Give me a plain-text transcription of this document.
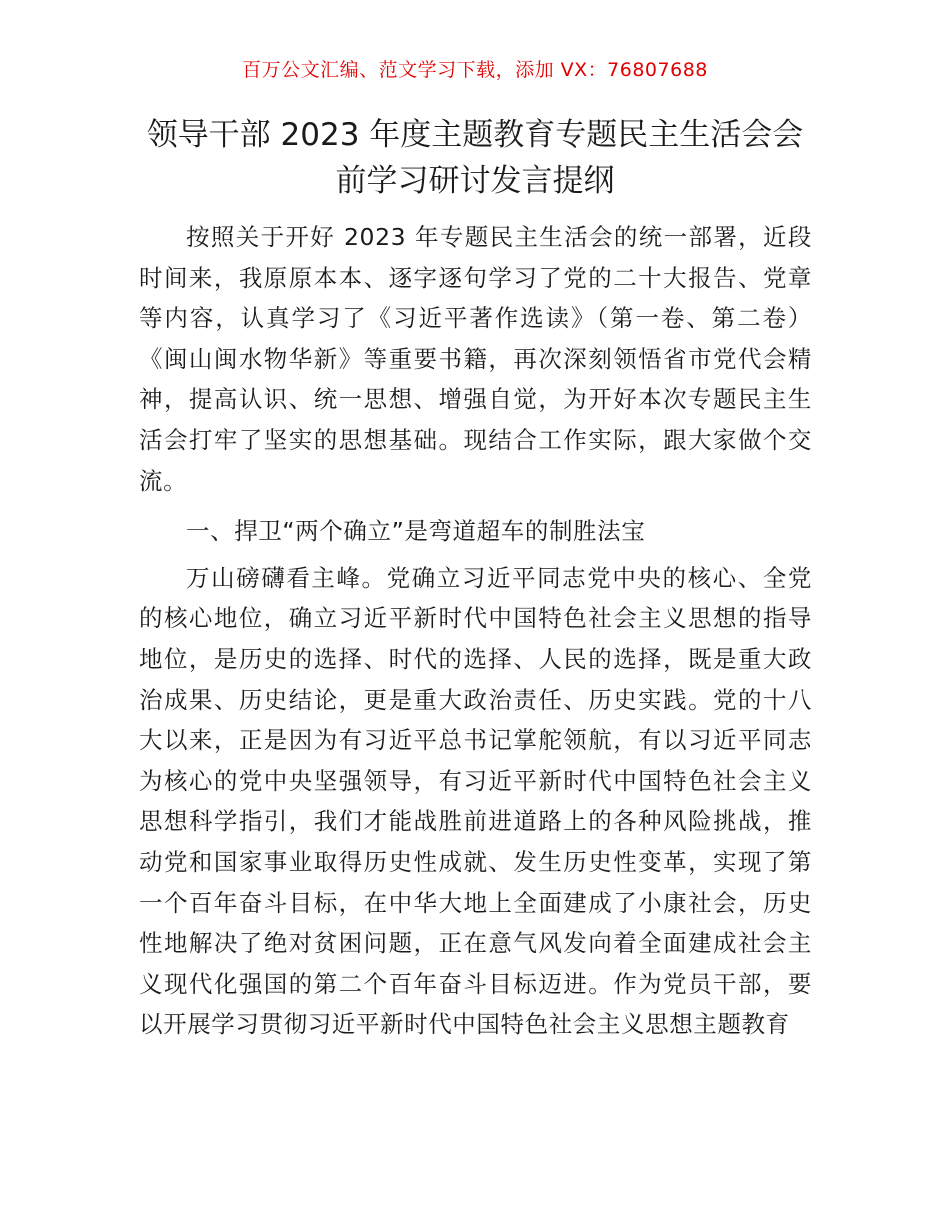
百万公文汇编、范文学习下载，添加 VX：76807688
领导干部 2023 年度主题教育专题民主生活会会
前学习研讨发言提纲

按照关于开好 2023 年专题民主生活会的统一部署，近段时间来，我原原本本、逐字逐句学习了党的二十大报告、党章等内容，认真学习了《习近平著作选读》（第一卷、第二卷）《闽山闽水物华新》等重要书籍，再次深刻领悟省市党代会精神，提高认识、统一思想、增强自觉，为开好本次专题民主生活会打牢了坚实的思想基础。现结合工作实际，跟大家做个交流。

一、捍卫“两个确立”是弯道超车的制胜法宝

万山磅礴看主峰。党确立习近平同志党中央的核心、全党的核心地位，确立习近平新时代中国特色社会主义思想的指导地位，是历史的选择、时代的选择、人民的选择，既是重大政治成果、历史结论，更是重大政治责任、历史实践。党的十八大以来，正是因为有习近平总书记掌舵领航，有以习近平同志为核心的党中央坚强领导，有习近平新时代中国特色社会主义思想科学指引，我们才能战胜前进道路上的各种风险挑战，推动党和国家事业取得历史性成就、发生历史性变革，实现了第一个百年奋斗目标，在中华大地上全面建成了小康社会，历史性地解决了绝对贫困问题，正在意气风发向着全面建成社会主义现代化强国的第二个百年奋斗目标迈进。作为党员干部，要以开展学习贯彻习近平新时代中国特色社会主义思想主题教育
